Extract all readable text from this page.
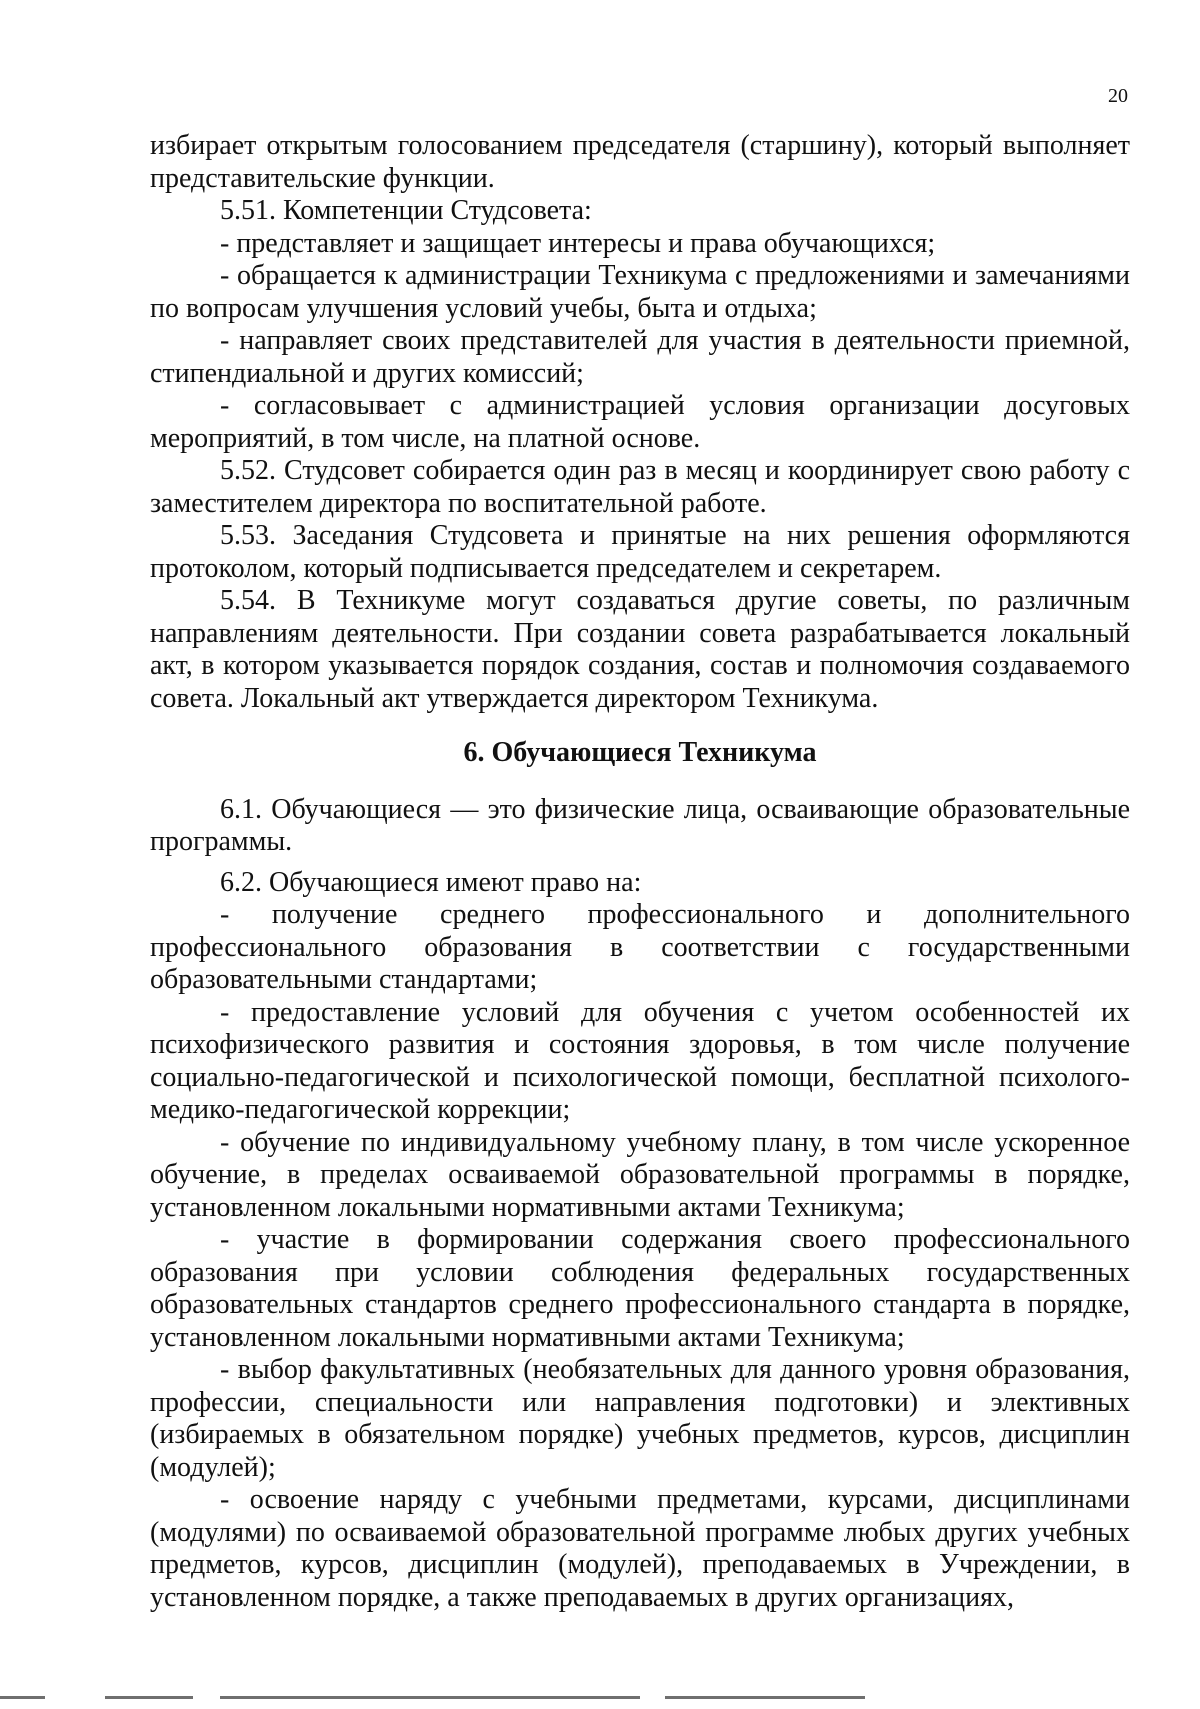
20

избирает открытым голосованием председателя (старшину), который выполняет представительские функции.

5.51. Компетенции Студсовета:

- представляет и защищает интересы и права обучающихся;

- обращается к администрации Техникума с предложениями и замечаниями по вопросам улучшения условий учебы, быта и отдыха;

- направляет своих представителей для участия в деятельности приемной, стипендиальной и других комиссий;

- согласовывает с администрацией условия организации досуговых мероприятий, в том числе, на платной основе.

5.52. Студсовет собирается один раз в месяц и координирует свою работу с заместителем директора по воспитательной работе.

5.53. Заседания Студсовета и принятые на них решения оформляются протоколом, который подписывается председателем и секретарем.

5.54. В Техникуме могут создаваться другие советы, по различным направлениям деятельности. При создании совета разрабатывается локальный акт, в котором указывается порядок создания, состав и полномочия создаваемого совета. Локальный акт утверждается директором Техникума.

6. Обучающиеся Техникума

6.1. Обучающиеся — это физические лица, осваивающие образовательные программы.

6.2. Обучающиеся имеют право на:

- получение среднего профессионального и дополнительного профессионального образования в соответствии с государственными образовательными стандартами;

- предоставление условий для обучения с учетом особенностей их психофизического развития и состояния здоровья, в том числе получение социально-педагогической и психологической помощи, бесплатной психолого-медико-педагогической коррекции;

- обучение по индивидуальному учебному плану, в том числе ускоренное обучение, в пределах осваиваемой образовательной программы в порядке, установленном локальными нормативными актами Техникума;

- участие в формировании содержания своего профессионального образования при условии соблюдения федеральных государственных образовательных стандартов среднего профессионального стандарта в порядке, установленном локальными нормативными актами Техникума;

- выбор факультативных (необязательных для данного уровня образования, профессии, специальности или направления подготовки) и элективных (избираемых в обязательном порядке) учебных предметов, курсов, дисциплин (модулей);

- освоение наряду с учебными предметами, курсами, дисциплинами (модулями) по осваиваемой образовательной программе любых других учебных предметов, курсов, дисциплин (модулей), преподаваемых в Учреждении, в установленном порядке, а также преподаваемых в других организациях,
